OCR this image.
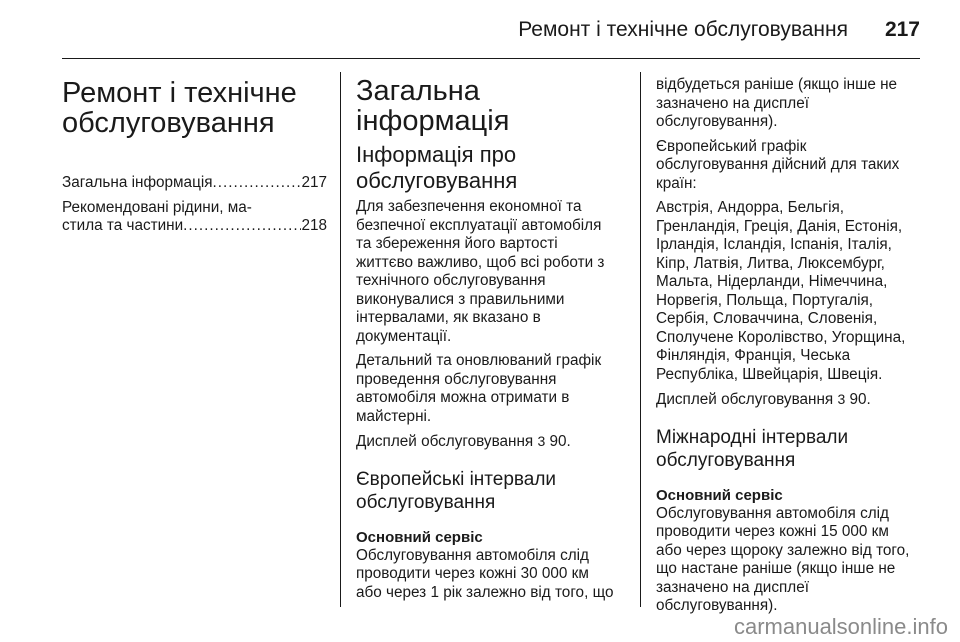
Ремонт і технічне обслуговування 217
Ремонт і технічне
обслуговування
Загальна інформація .....	217

Рекомендовані рідини, ма-

стила та частини .....	218
Загальна інформація
Інформація про
обслуговування

Для забезпечення економної та

безпечної експлуатації автомобіля

та збереження його вартості

життєво важливо, щоб всі роботи з

технічного обслуговування

виконувалися з правильними

інтервалами, як вказано в

документації.

Детальний та оновлюваний графік

проведення обслуговування

автомобіля можна отримати в

майстерні.

Дисплей обслуговування 3 90.

Європейські інтервали
обслуговування
Основний сервіс

Обслуговування автомобіля слід

проводити через кожні 30 000 км

або через 1 рік залежно від того, що

відбудеться раніше (якщо інше не

зазначено на дисплеї

обслуговування).

Європейський графік

обслуговування дійсний для таких

країн:

Австрія, Андорра, Бельгія,

Гренландія, Греція, Данія, Естонія,

Ірландія, Ісландія, Іспанія, Італія,

Кіпр, Латвія, Литва, Люксембург,

Мальта, Нідерланди, Німеччина,

Норвегія, Польща, Португалія,

Сербія, Словаччина, Словенія,

Сполучене Королівство, Угорщина,

Фінляндія, Франція, Чеська

Республіка, Швейцарія, Швеція.

Дисплей обслуговування 3 90.

Міжнародні інтервали
обслуговування
Основний сервіс

Обслуговування автомобіля слід

проводити через кожні 15 000 км

або через щороку залежно від того,

що настане раніше (якщо інше не

зазначено на дисплеї

обслуговування).

carmanualsonline.info
